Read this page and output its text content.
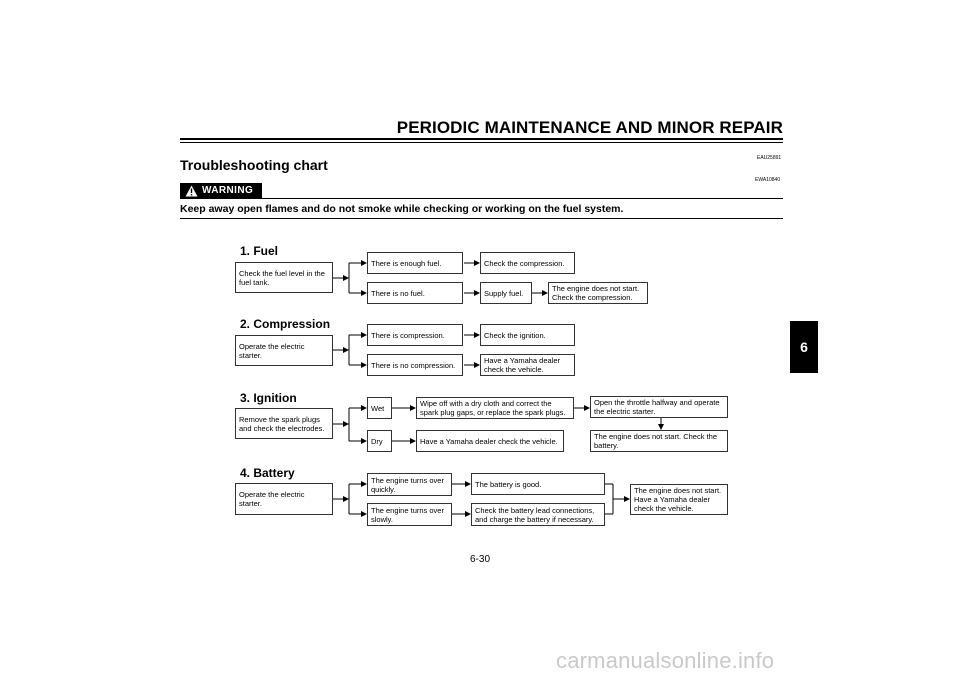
PERIODIC MAINTENANCE AND MINOR REPAIR
EAU25891
Troubleshooting chart
EWA10840
WARNING
Keep away open flames and do not smoke while checking or working on the fuel system.
6
1. Fuel
Check the fuel level in the fuel tank.
There is enough fuel.
There is no fuel.
Check the compression.
Supply fuel.	The engine does not start. Check the compression.
2. Compression
Operate the electric starter.
There is compression.
There is no compression.
Check the ignition.
Have a Yamaha dealer check the vehicle.
3. Ignition
Remove the spark plugs and check the electrodes.
Wet
Dry
Wipe off with a dry cloth and correct the spark plug gaps, or replace the spark plugs.
Have a Yamaha dealer check the vehicle.
Open the throttle halfway and operate the electric starter.
The engine does not start. Check the battery.
4. Battery
Operate the electric starter.
The engine turns over quickly.
The engine turns over slowly.
The battery is good.
Check the battery lead connections, and charge the battery if necessary.
The engine does not start. Have a Yamaha dealer check the vehicle.
6-30
carmanualsonline.info
